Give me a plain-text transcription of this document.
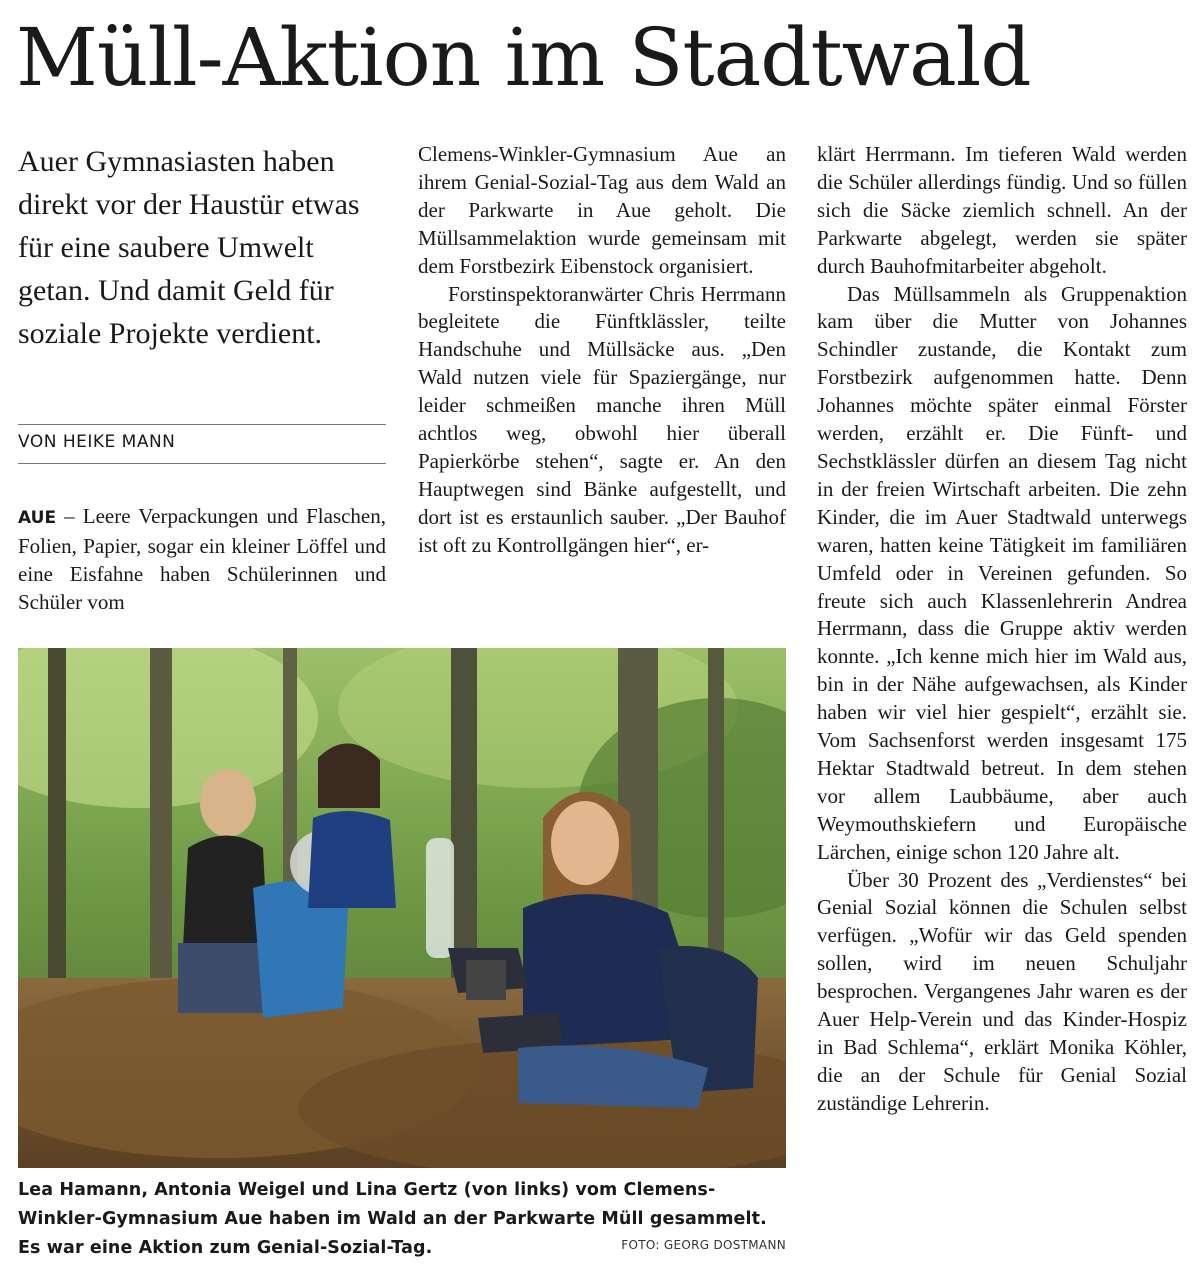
Müll-Aktion im Stadtwald

Auer Gymnasiasten haben direkt vor der Haustür etwas für eine saubere Umwelt getan. Und damit Geld für soziale Projekte verdient.

VON HEIKE MANN

AUE – Leere Verpackungen und Flaschen, Folien, Papier, sogar ein kleiner Löffel und eine Eisfahne haben Schülerinnen und Schüler vom

Clemens-Winkler-Gymnasium Aue an ihrem Genial-Sozial-Tag aus dem Wald an der Parkwarte in Aue geholt. Die Müllsammelaktion wurde gemeinsam mit dem Forstbezirk Eibenstock organisiert.

Forstinspektoranwärter Chris Herrmann begleitete die Fünftklässler, teilte Handschuhe und Müllsäcke aus. „Den Wald nutzen viele für Spaziergänge, nur leider schmeißen manche ihren Müll achtlos weg, obwohl hier überall Papierkörbe stehen“, sagte er. An den Hauptwegen sind Bänke aufgestellt, und dort ist es erstaunlich sauber. „Der Bauhof ist oft zu Kontrollgängen hier“, er-

klärt Herrmann. Im tieferen Wald werden die Schüler allerdings fündig. Und so füllen sich die Säcke ziemlich schnell. An der Parkwarte abgelegt, werden sie später durch Bauhofmitarbeiter abgeholt.

Das Müllsammeln als Gruppenaktion kam über die Mutter von Johannes Schindler zustande, die Kontakt zum Forstbezirk aufgenommen hatte. Denn Johannes möchte später einmal Förster werden, erzählt er. Die Fünft- und Sechstklässler dürfen an diesem Tag nicht in der freien Wirtschaft arbeiten. Die zehn Kinder, die im Auer Stadtwald unterwegs waren, hatten keine Tätigkeit im familiären Umfeld oder in Vereinen gefunden. So freute sich auch Klassenlehrerin Andrea Herrmann, dass die Gruppe aktiv werden konnte. „Ich kenne mich hier im Wald aus, bin in der Nähe aufgewachsen, als Kinder haben wir viel hier gespielt“, erzählt sie. Vom Sachsenforst werden insgesamt 175 Hektar Stadtwald betreut. In dem stehen vor allem Laubbäume, aber auch Weymouthskiefern und Europäische Lärchen, einige schon 120 Jahre alt.

Über 30 Prozent des „Verdienstes“ bei Genial Sozial können die Schulen selbst verfügen. „Wofür wir das Geld spenden sollen, wird im neuen Schuljahr besprochen. Vergangenes Jahr waren es der Auer Help-Verein und das Kinder-Hospiz in Bad Schlema“, erklärt Monika Köhler, die an der Schule für Genial Sozial zuständige Lehrerin.

Lea Hamann, Antonia Weigel und Lina Gertz (von links) vom Clemens-Winkler-Gymnasium Aue haben im Wald an der Parkwarte Müll gesammelt. Es war eine Aktion zum Genial-Sozial-Tag.	FOTO: GEORG DOSTMANN
